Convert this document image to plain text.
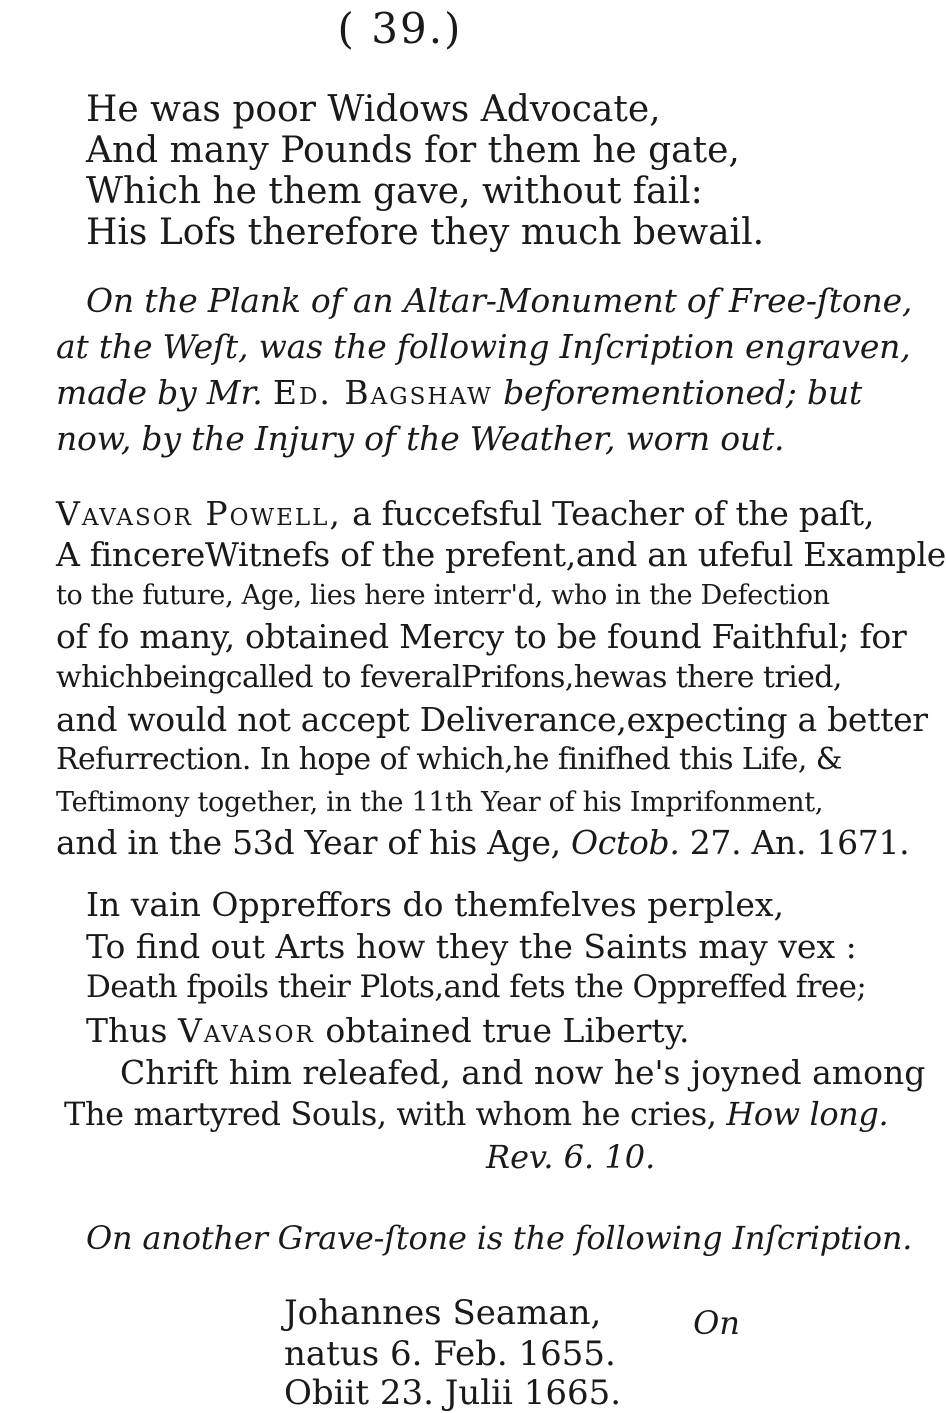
( 39.)
He was poor Widows Advocate,
And many Pounds for them he gate,
Which he them gave, without fail:
His Lofs therefore they much bewail.
On the Plank of an Altar-Monument of Free-ſtone,
at the Weſt, was the following Inſcription engraven,
made by Mr. Ed. Bagshaw beforementioned; but
now, by the Injury of the Weather, worn out.
Vavasor Powell, a fuccefsful Teacher of the paſt,
A fincereWitnefs of the prefent,and an ufeful Example
to the future, Age, lies here interr'd, who in the Defection
of fo many, obtained Mercy to be found Faithful; for
whichbeingcalled to feveralPrifons,hewas there tried,
and would not accept Deliverance,expecting a better
Refurrection. In hope of which,he finifhed this Life, &
Teftimony together, in the 11th Year of his Imprifonment,
and in the 53d Year of his Age, Octob. 27. An. 1671.
In vain Oppreffors do themfelves perplex,
To find out Arts how they the Saints may vex :
Death fpoils their Plots,and fets the Oppreffed free;
Thus Vavasor obtained true Liberty.
Chrift him releafed, and now he's joyned among
The martyred Souls, with whom he cries, How long.
Rev. 6. 10.
On another Grave-ſtone is the following Inſcription.
Johannes Seaman,
natus 6. Feb. 1655.
Obiit 23. Julii 1665.
On
